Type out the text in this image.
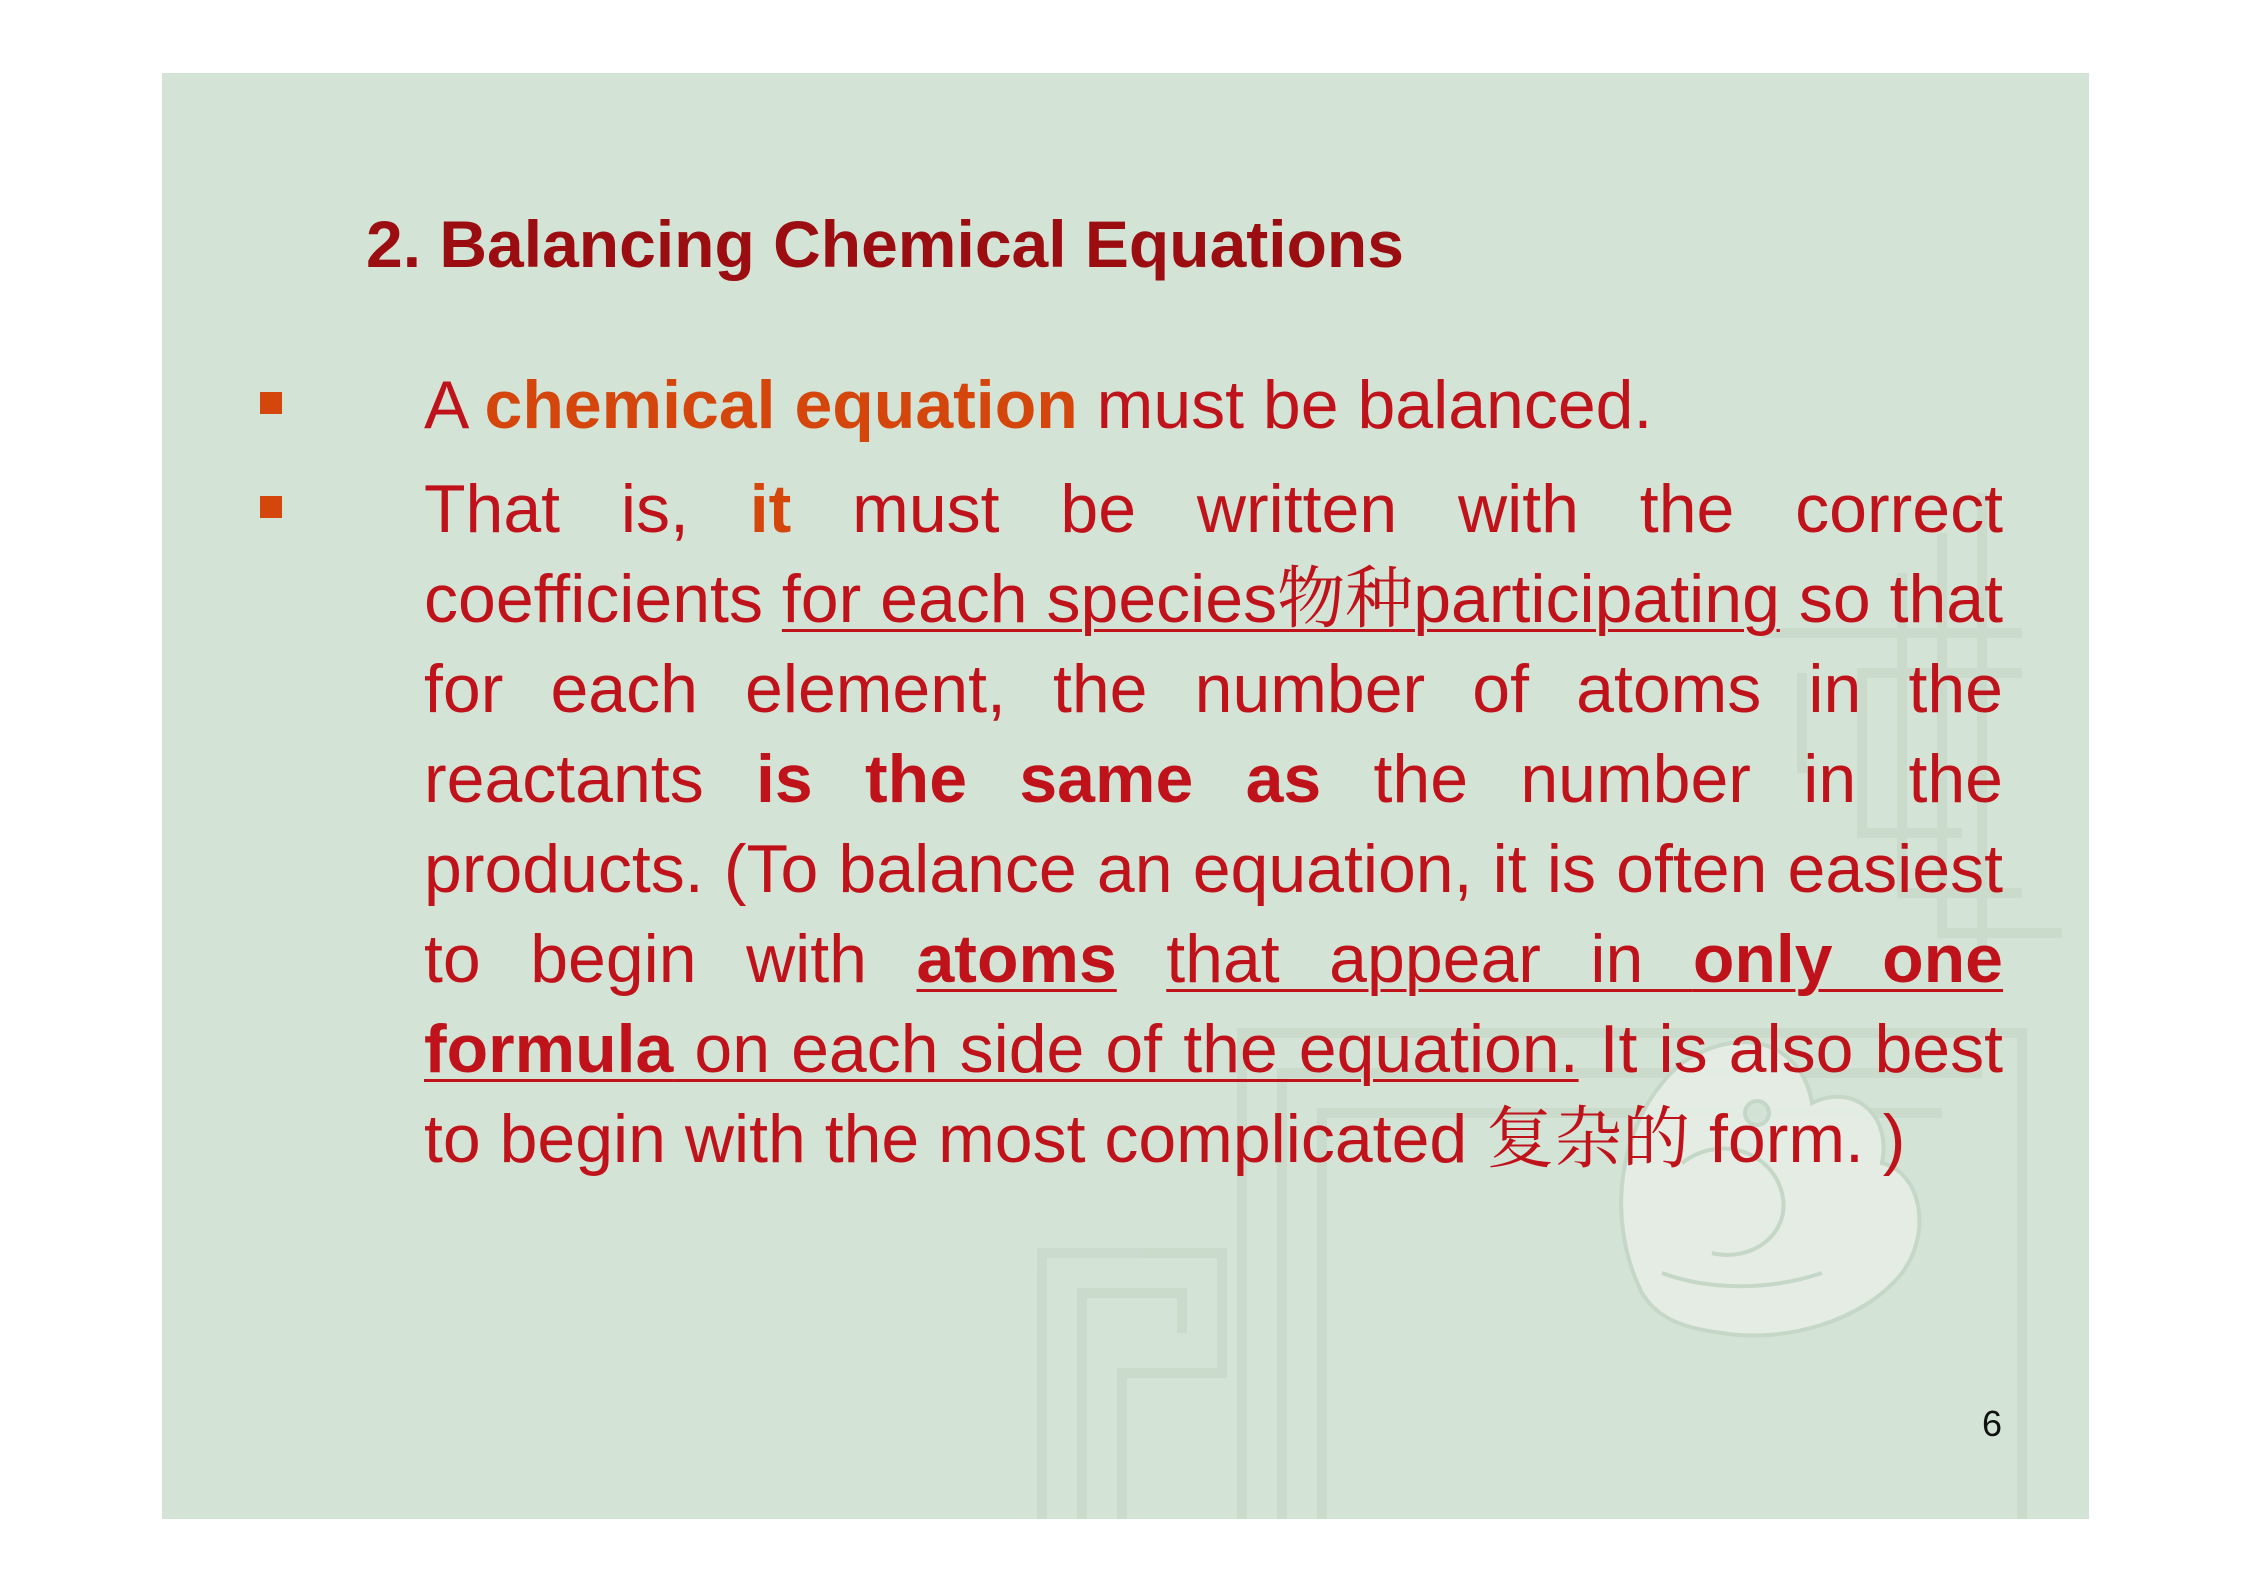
2. Balancing Chemical Equations
A chemical equation must be balanced.
That is, it must be written with the correct coefficients for each species物种participating so that for each element, the number of atoms in the reactants is the same as the number in the products. (To balance an equation, it is often easiest to begin with atoms that appear in only one formula on each side of the equation. It is also best to begin with the most complicated 复杂的 form. )
6
